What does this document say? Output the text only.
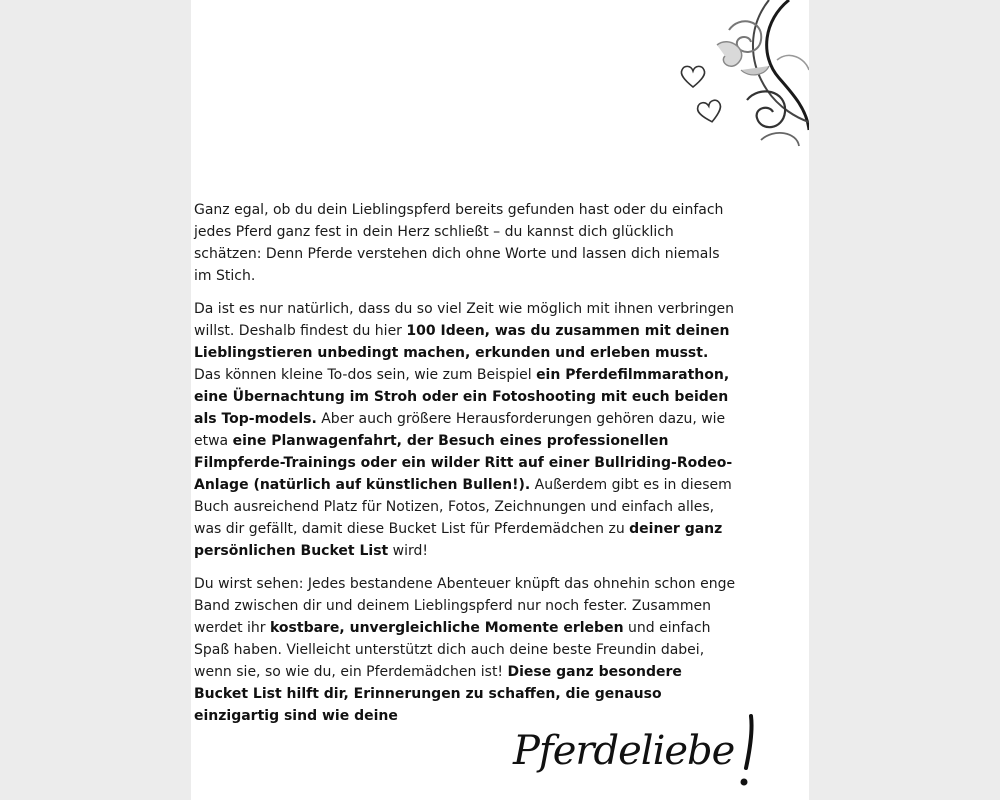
Ganz egal, ob du dein Lieblingspferd bereits gefunden hast oder du einfach jedes Pferd ganz fest in dein Herz schließt – du kannst dich glücklich schätzen: Denn Pferde verstehen dich ohne Worte und lassen dich niemals im Stich.

Da ist es nur natürlich, dass du so viel Zeit wie möglich mit ihnen verbringen willst. Deshalb findest du hier 100 Ideen, was du zusammen mit deinen Lieblingstieren unbedingt machen, erkunden und erleben musst. Das können kleine To-dos sein, wie zum Beispiel ein Pferdefilmmarathon, eine Übernachtung im Stroh oder ein Fotoshooting mit euch beiden als Top-models. Aber auch größere Herausforderungen gehören dazu, wie etwa eine Planwagenfahrt, der Besuch eines professionellen Filmpferde-Trainings oder ein wilder Ritt auf einer Bullriding-Rodeo-Anlage (natürlich auf künstlichen Bullen!). Außerdem gibt es in diesem Buch ausreichend Platz für Notizen, Fotos, Zeichnungen und einfach alles, was dir gefällt, damit diese Bucket List für Pferdemädchen zu deiner ganz persönlichen Bucket List wird!

Du wirst sehen: Jedes bestandene Abenteuer knüpft das ohnehin schon enge Band zwischen dir und deinem Lieblingspferd nur noch fester. Zusammen werdet ihr kostbare, unvergleichliche Momente erleben und einfach Spaß haben. Vielleicht unterstützt dich auch deine beste Freundin dabei, wenn sie, so wie du, ein Pferdemädchen ist! Diese ganz besondere Bucket List hilft dir, Erinnerungen zu schaffen, die genauso einzigartig sind wie deine

Pferdeliebe
